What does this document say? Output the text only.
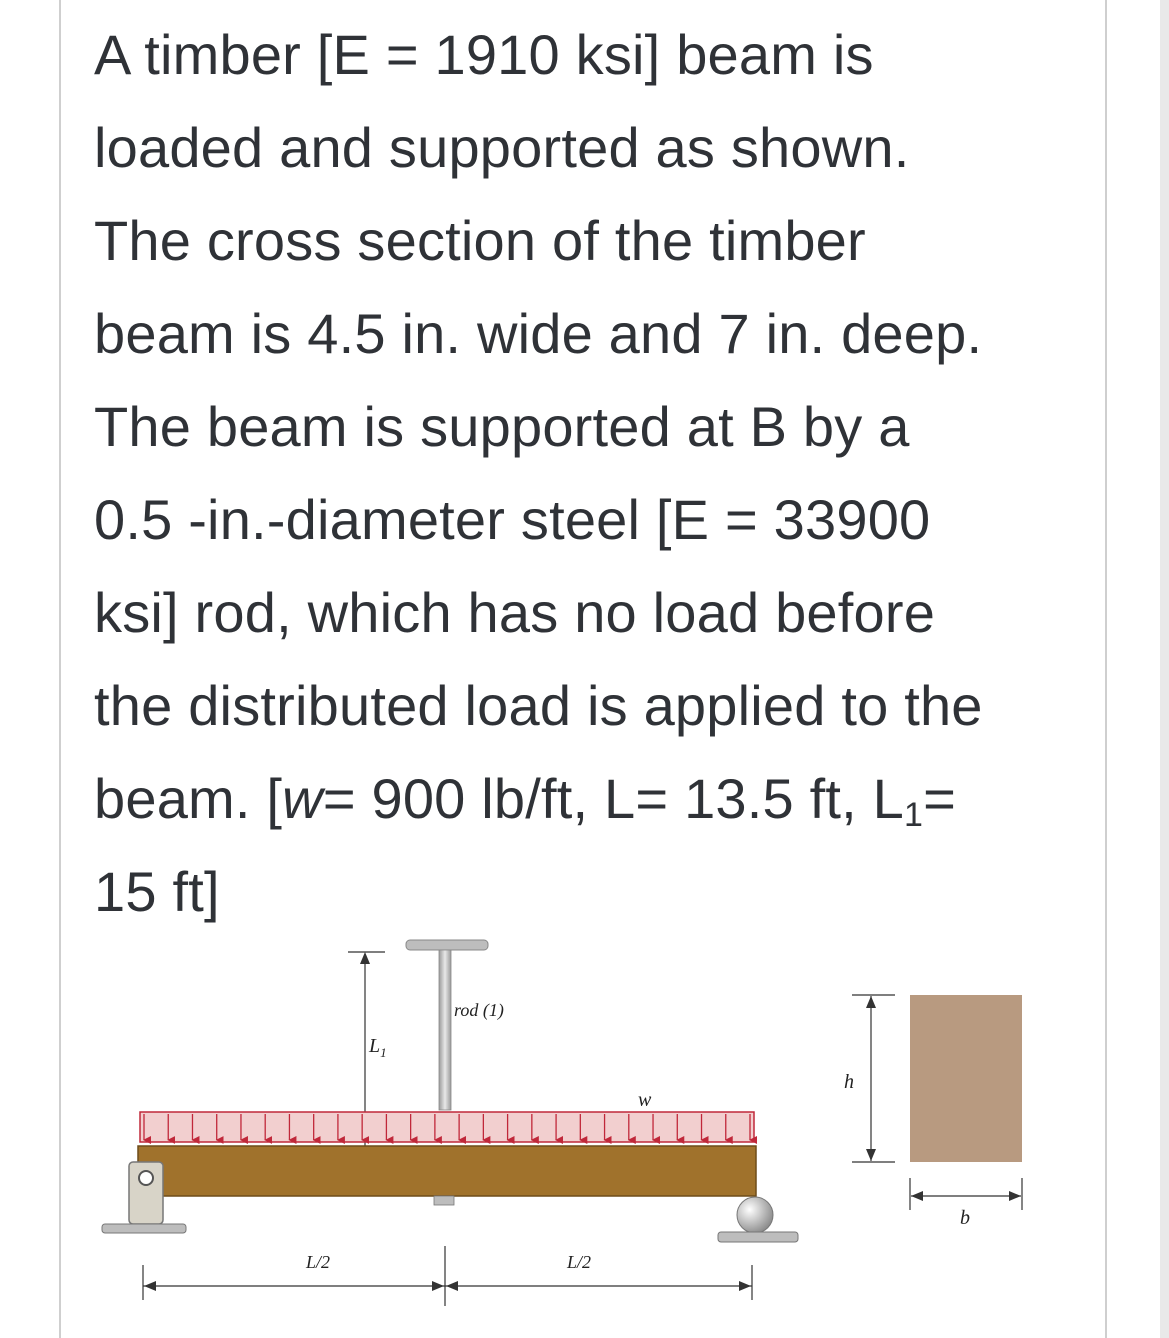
A timber [E = 1910 ksi] beam is

loaded and supported as shown.

The cross section of the timber

beam is 4.5 in. wide and 7 in. deep.

The beam is supported at B by a

0.5 -in.-diameter steel [E = 33900

ksi] rod, which has no load before

the distributed load is applied to the

beam. [w= 900 lb/ft, L= 13.5 ft, $L_1=$

15 ft]

rod (1)
$L_1$
w
L/2	L/2
h
b
